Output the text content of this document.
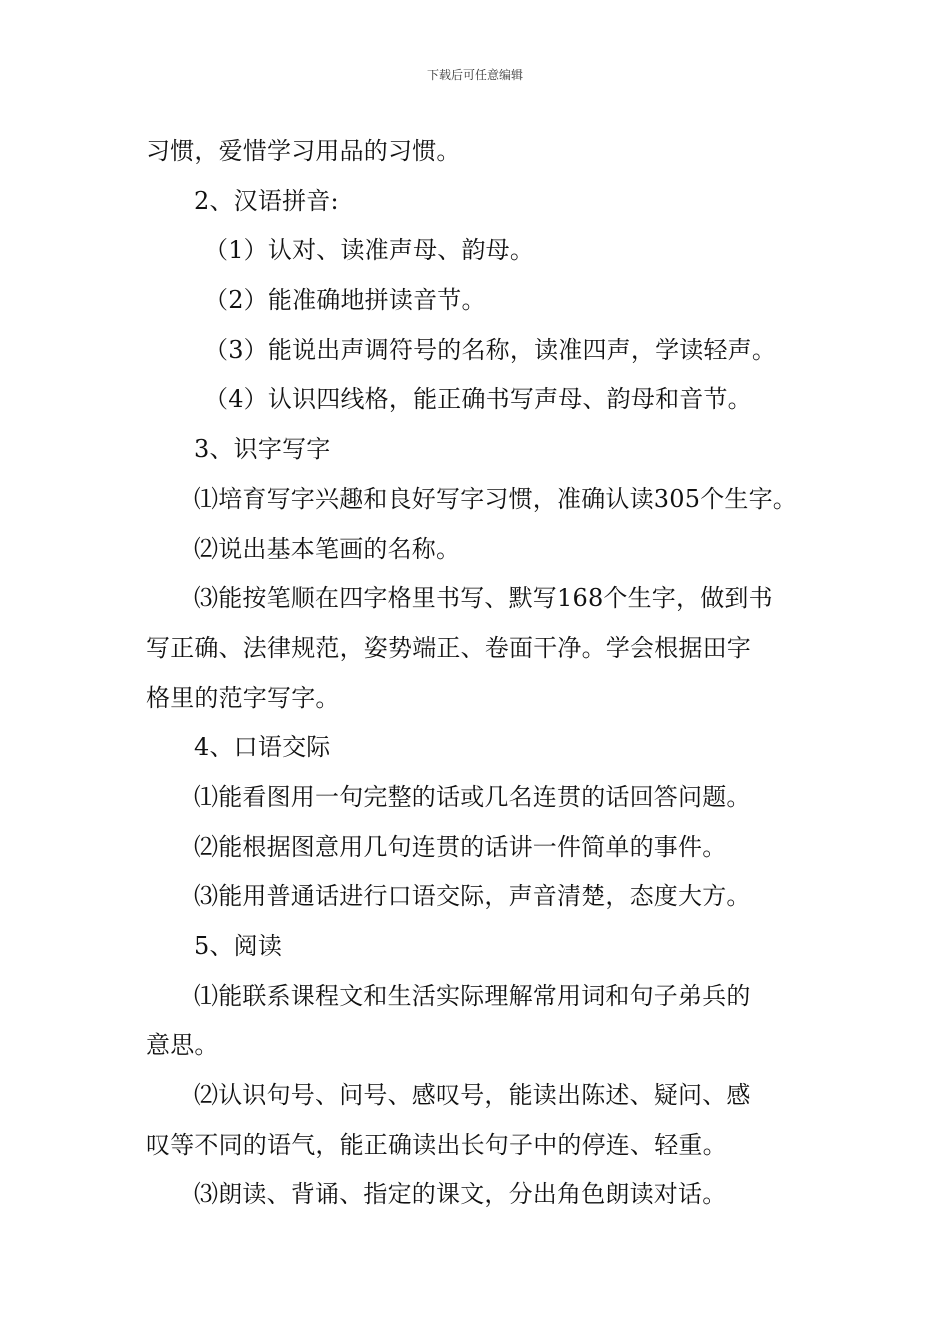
下载后可任意编辑
习惯，爱惜学习用品的习惯。
2、汉语拼音:
（1）认对、读准声母、韵母。
（2）能准确地拼读音节。
（3）能说出声调符号的名称，读准四声，学读轻声。
（4）认识四线格，能正确书写声母、韵母和音节。
3、识字写字
⑴培育写字兴趣和良好写字习惯，准确认读305个生字。
⑵说出基本笔画的名称。
⑶能按笔顺在四字格里书写、默写168个生字，做到书
写正确、法律规范，姿势端正、卷面干净。学会根据田字
格里的范字写字。
4、口语交际
⑴能看图用一句完整的话或几名连贯的话回答问题。
⑵能根据图意用几句连贯的话讲一件简单的事件。
⑶能用普通话进行口语交际，声音清楚，态度大方。
5、阅读
⑴能联系课程文和生活实际理解常用词和句子弟兵的
意思。
⑵认识句号、问号、感叹号，能读出陈述、疑问、感
叹等不同的语气，能正确读出长句子中的停连、轻重。
⑶朗读、背诵、指定的课文，分出角色朗读对话。
